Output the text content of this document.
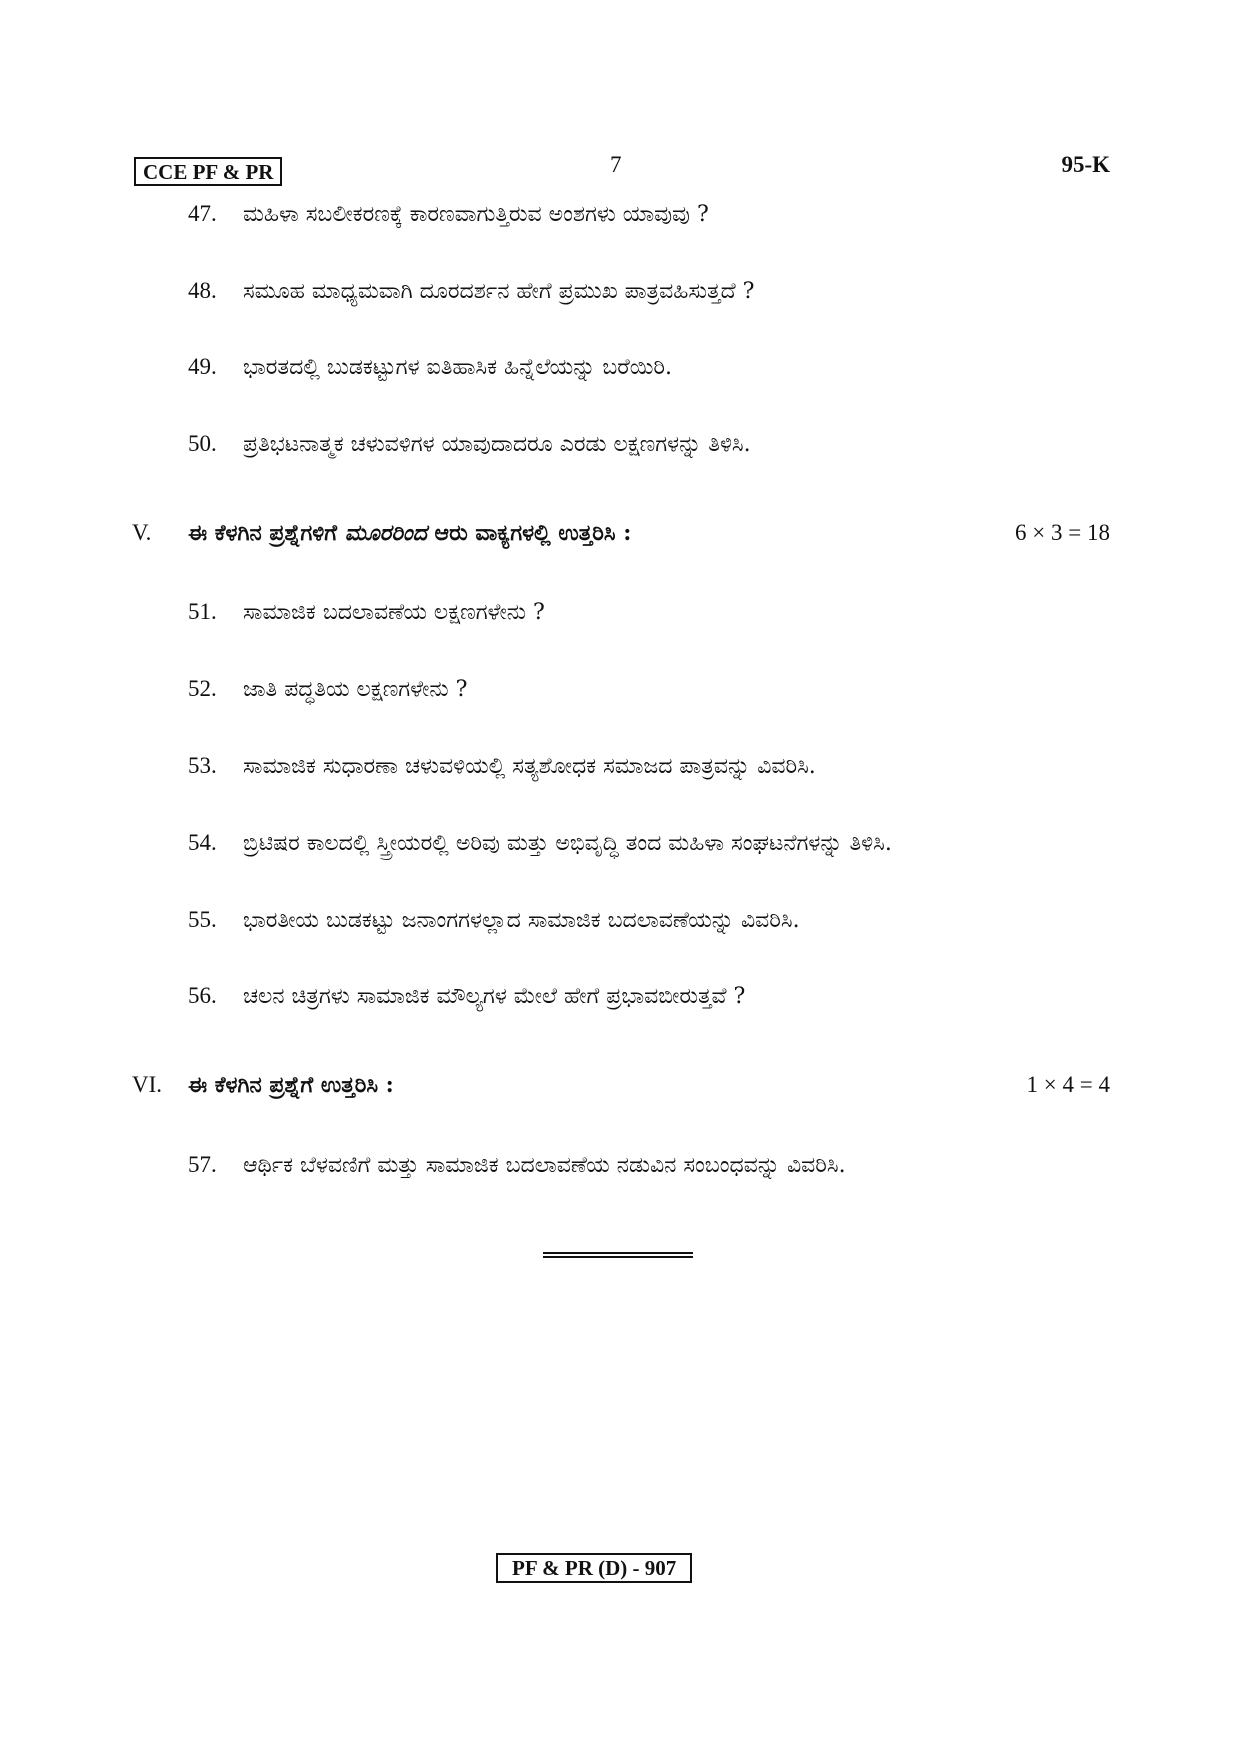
CCE PF & PR	7	95-K
47. ಮಹಿಳಾ ಸಬಲೀಕರಣಕ್ಕೆ ಕಾರಣವಾಗುತ್ತಿರುವ ಅಂಶಗಳು ಯಾವುವು ?
48. ಸಮೂಹ ಮಾಧ್ಯಮವಾಗಿ ದೂರದರ್ಶನ ಹೇಗೆ ಪ್ರಮುಖ ಪಾತ್ರವಹಿಸುತ್ತದೆ ?
49. ಭಾರತದಲ್ಲಿ ಬುಡಕಟ್ಟುಗಳ ಐತಿಹಾಸಿಕ ಹಿನ್ನೆಲೆಯನ್ನು ಬರೆಯಿರಿ.
50. ಪ್ರತಿಭಟನಾತ್ಮಕ ಚಳುವಳಿಗಳ ಯಾವುದಾದರೂ ಎರಡು ಲಕ್ಷಣಗಳನ್ನು ತಿಳಿಸಿ.
V. ಈ ಕೆಳಗಿನ ಪ್ರಶ್ನೆಗಳಿಗೆ ಮೂರರಿಂದ ಆರು ವಾಕ್ಯಗಳಲ್ಲಿ ಉತ್ತರಿಸಿ :	6 × 3 = 18
51. ಸಾಮಾಜಿಕ ಬದಲಾವಣೆಯ ಲಕ್ಷಣಗಳೇನು ?
52. ಜಾತಿ ಪದ್ಧತಿಯ ಲಕ್ಷಣಗಳೇನು ?
53. ಸಾಮಾಜಿಕ ಸುಧಾರಣಾ ಚಳುವಳಿಯಲ್ಲಿ ಸತ್ಯಶೋಧಕ ಸಮಾಜದ ಪಾತ್ರವನ್ನು ವಿವರಿಸಿ.
54. ಬ್ರಿಟಿಷರ ಕಾಲದಲ್ಲಿ ಸ್ತ್ರೀಯರಲ್ಲಿ ಅರಿವು ಮತ್ತು ಅಭಿವೃದ್ಧಿ ತಂದ ಮಹಿಳಾ ಸಂಘಟನೆಗಳನ್ನು ತಿಳಿಸಿ.
55. ಭಾರತೀಯ ಬುಡಕಟ್ಟು ಜನಾಂಗಗಳಲ್ಲಾದ ಸಾಮಾಜಿಕ ಬದಲಾವಣೆಯನ್ನು ವಿವರಿಸಿ.
56. ಚಲನ ಚಿತ್ರಗಳು ಸಾಮಾಜಿಕ ಮೌಲ್ಯಗಳ ಮೇಲೆ ಹೇಗೆ ಪ್ರಭಾವಬೀರುತ್ತವೆ ?
VI. ಈ ಕೆಳಗಿನ ಪ್ರಶ್ನೆಗೆ ಉತ್ತರಿಸಿ :	1 × 4 = 4
57. ಆರ್ಥಿಕ ಬೆಳವಣಿಗೆ ಮತ್ತು ಸಾಮಾಜಿಕ ಬದಲಾವಣೆಯ ನಡುವಿನ ಸಂಬಂಧವನ್ನು ವಿವರಿಸಿ.
PF & PR (D) - 907
